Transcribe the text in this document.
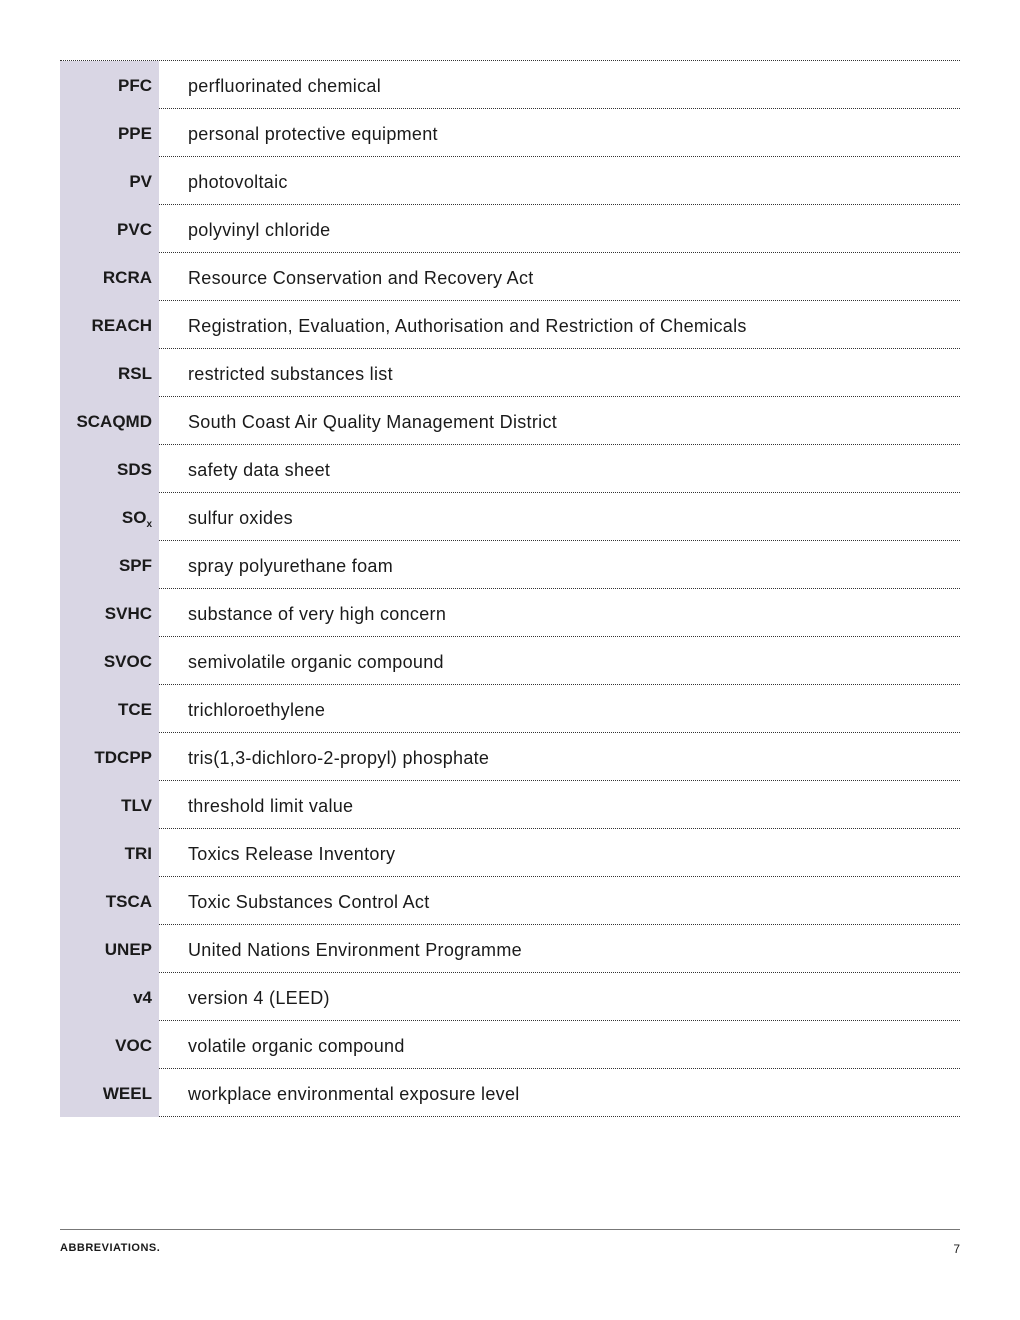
PFC	perfluorinated chemical
PPE	personal protective equipment
PV	photovoltaic
PVC	polyvinyl chloride
RCRA	Resource Conservation and Recovery Act
REACH	Registration, Evaluation, Authorisation and Restriction of Chemicals
RSL	restricted substances list
SCAQMD	South Coast Air Quality Management District
SDS	safety data sheet
$SO_x$	sulfur oxides
SPF	spray polyurethane foam
SVHC	substance of very high concern
SVOC	semivolatile organic compound
TCE	trichloroethylene
TDCPP	tris(1,3-dichloro-2-propyl) phosphate
TLV	threshold limit value
TRI	Toxics Release Inventory
TSCA	Toxic Substances Control Act
UNEP	United Nations Environment Programme
v4	version 4 (LEED)
VOC	volatile organic compound
WEEL	workplace environmental exposure level
ABBREVIATIONS.	7
